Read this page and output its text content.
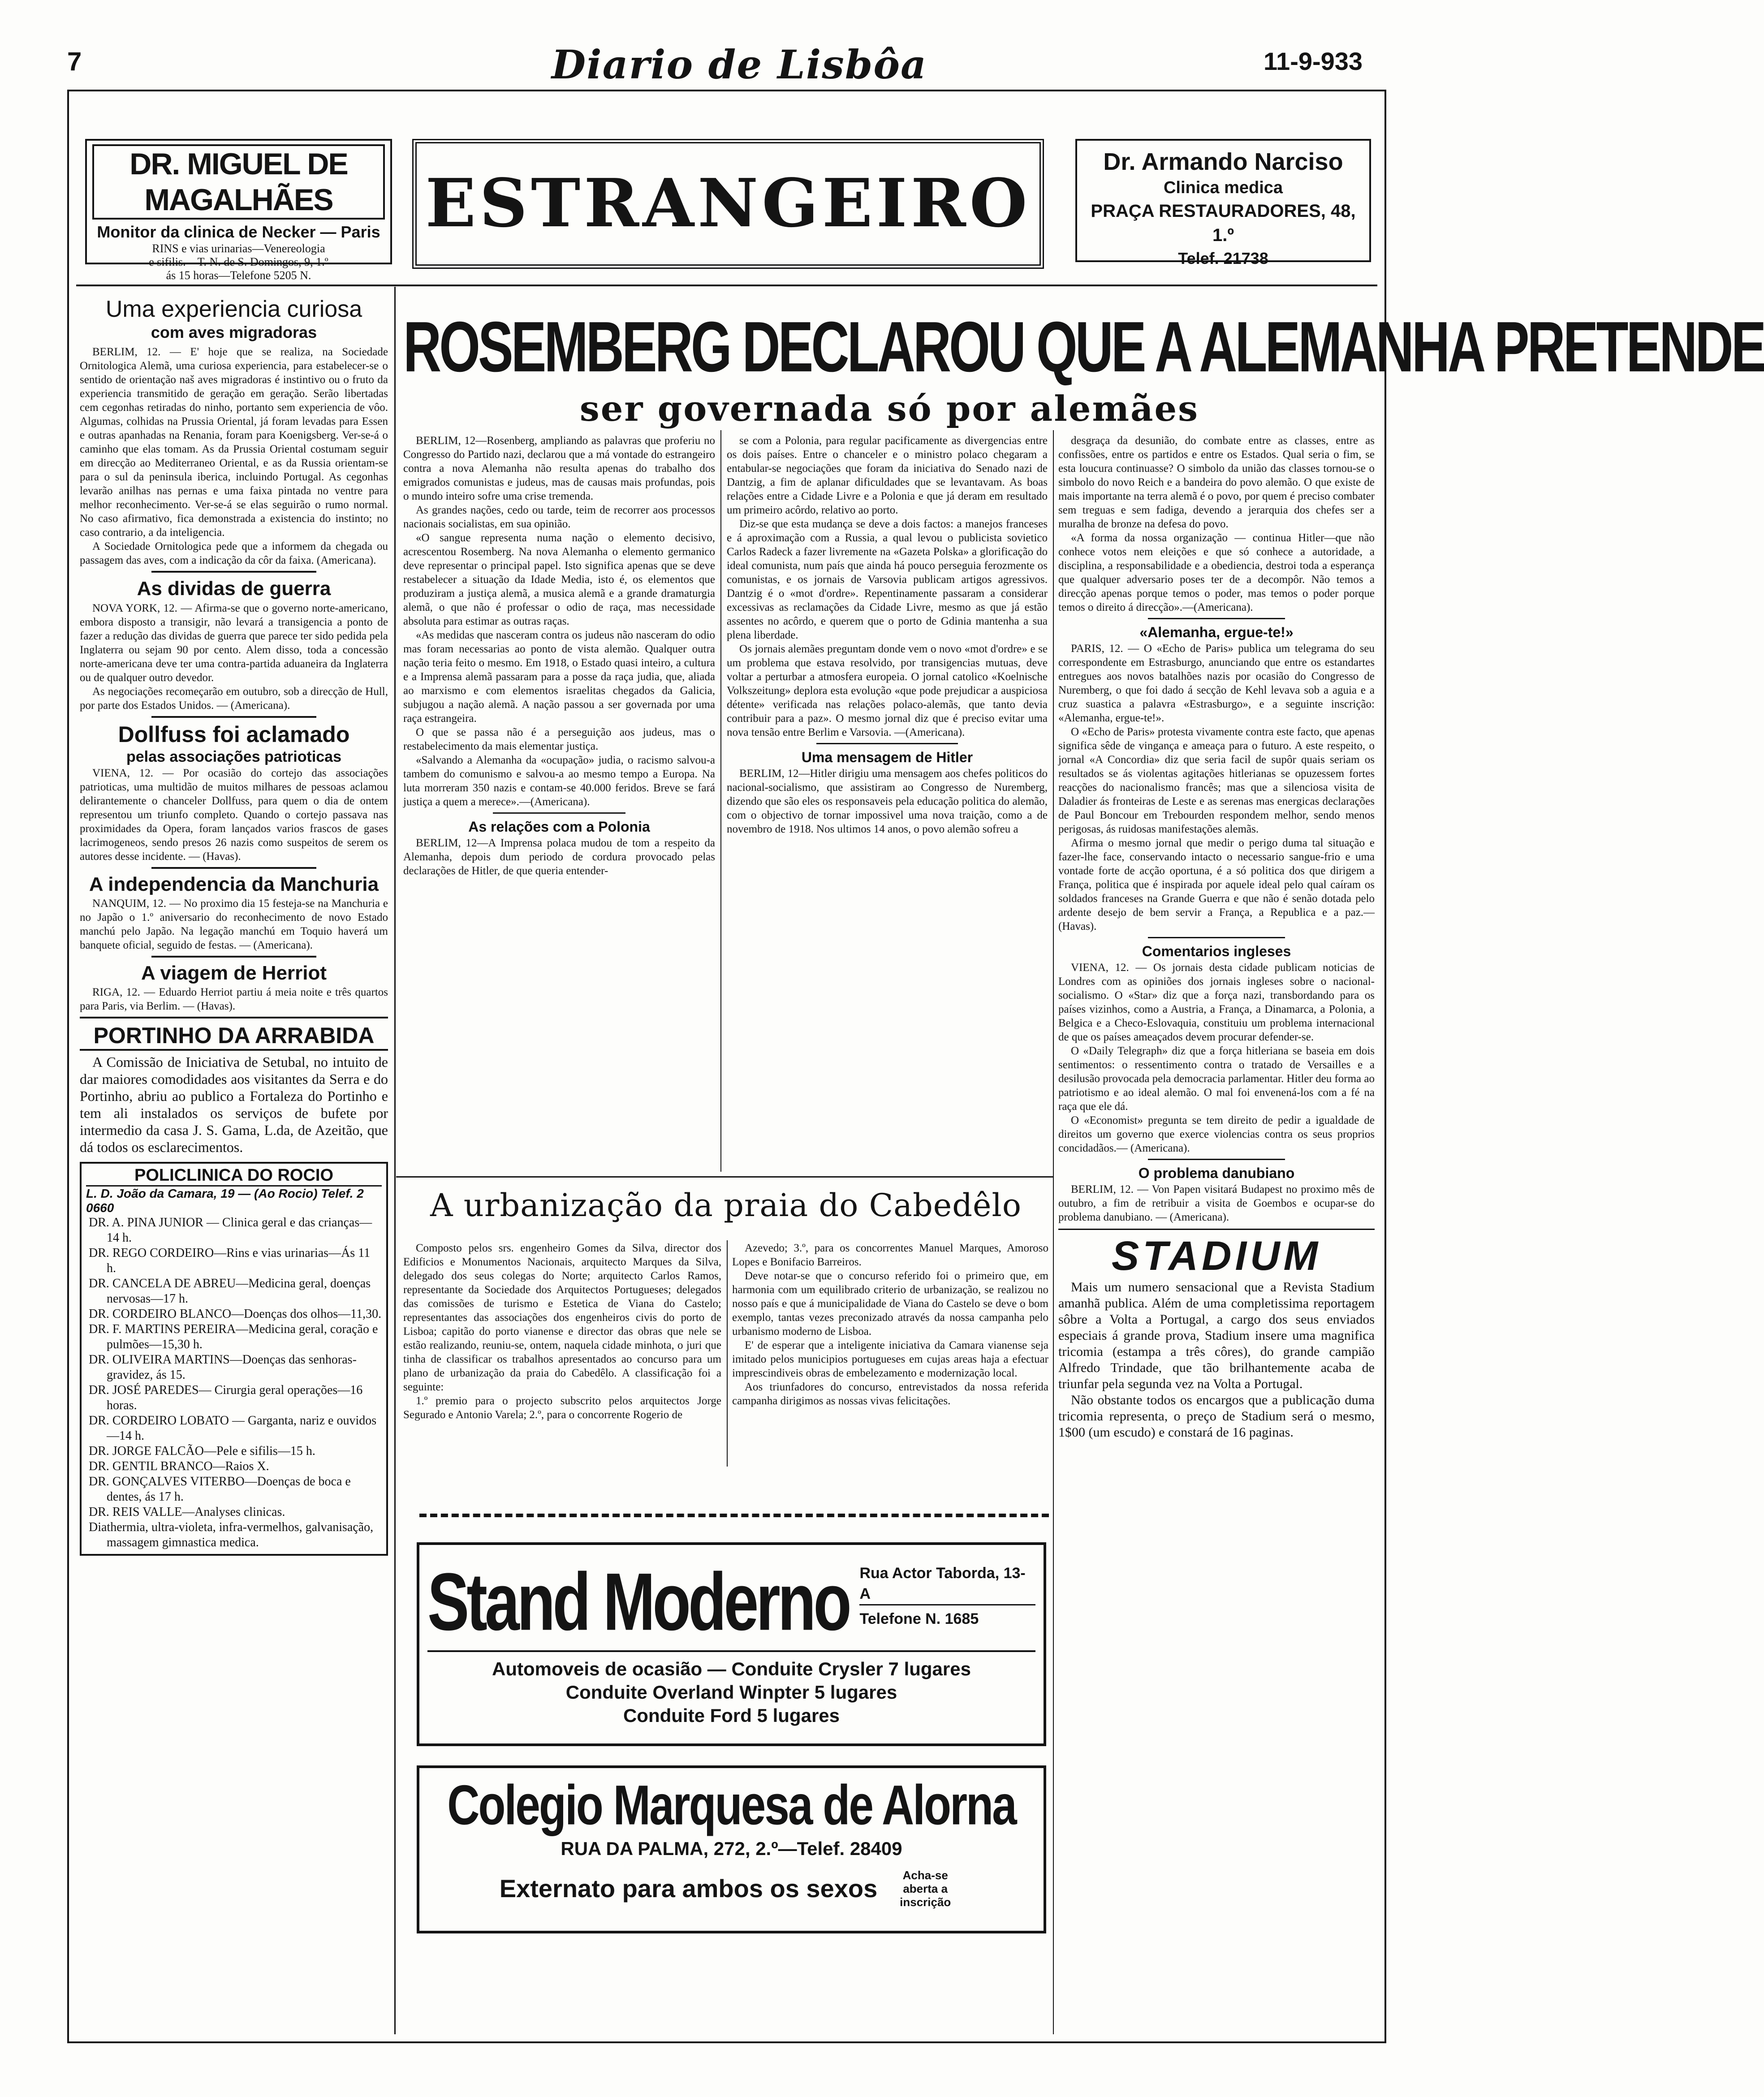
7	Diario de Lisbôa	11-9-933
DR. MIGUEL DE MAGALHÃES
Monitor da clinica de Necker — Paris
RINS e vias urinarias—Venereologia
e sifilis.—T. N. de S. Domingos, 9, 1.º
ás 15 horas—Telefone 5205 N.
ESTRANGEIRO
Dr. Armando Narciso
Clinica medica
PRAÇA RESTAURADORES, 48, 1.º
Telef. 21738
Uma experiencia curiosa
com aves migradoras

BERLIM, 12. — E' hoje que se realiza, na Sociedade Ornitologica Alemã, uma curiosa experiencia, para estabelecer-se o sentido de orientação naš aves migradoras é instintivo ou o fruto da experiencia transmitido de geração em geração. Serão libertadas cem cegonhas retiradas do ninho, portanto sem experiencia de vôo. Algumas, colhidas na Prussia Oriental, já foram levadas para Essen e outras apanhadas na Renania, foram para Koenigsberg. Ver-se-á o caminho que elas tomam. As da Prussia Oriental costumam seguir em direcção ao Mediterraneo Oriental, e as da Russia orientam-se para o sul da peninsula iberica, incluindo Portugal. As cegonhas levarão anilhas nas pernas e uma faixa pintada no ventre para melhor reconhecimento. Ver-se-á se elas seguirão o rumo normal. No caso afirmativo, fica demonstrada a existencia do instinto; no caso contrario, a da inteligencia.

A Sociedade Ornitologica pede que a informem da chegada ou passagem das aves, com a indicação da côr da faixa. (Americana).

As dividas de guerra

NOVA YORK, 12. — Afirma-se que o governo norte-americano, embora disposto a transigir, não levará a transigencia a ponto de fazer a redução das dividas de guerra que parece ter sido pedida pela Inglaterra ou sejam 90 por cento. Alem disso, toda a concessão norte-americana deve ter uma contra-partida aduaneira da Inglaterra ou de qualquer outro devedor.

As negociações recomeçarão em outubro, sob a direcção de Hull, por parte dos Estados Unidos. — (Americana).

Dollfuss foi aclamado
pelas associações patrioticas

VIENA, 12. — Por ocasião do cortejo das associações patrioticas, uma multidão de muitos milhares de pessoas aclamou delirantemente o chanceler Dollfuss, para quem o dia de ontem representou um triunfo completo. Quando o cortejo passava nas proximidades da Opera, foram lançados varios frascos de gases lacrimogeneos, sendo presos 26 nazis como suspeitos de serem os autores desse incidente. — (Havas).

A independencia da Manchuria

NANQUIM, 12. — No proximo dia 15 festeja-se na Manchuria e no Japão o 1.º aniversario do reconhecimento de novo Estado manchú pelo Japão. Na legação manchú em Toquio haverá um banquete oficial, seguido de festas. — (Americana).

A viagem de Herriot

RIGA, 12. — Eduardo Herriot partiu á meia noite e três quartos para Paris, via Berlim. — (Havas).

PORTINHO DA ARRABIDA

A Comissão de Iniciativa de Setubal, no intuito de dar maiores comodidades aos visitantes da Serra e do Portinho, abriu ao publico a Fortaleza do Portinho e tem ali instalados os serviços de bufete por intermedio da casa J. S. Gama, L.da, de Azeitão, que dá todos os esclarecimentos.

POLICLINICA DO ROCIO
L. D. João da Camara, 19 — (Ao Rocio) Telef. 2 0660
DR. A. PINA JUNIOR — Clinica geral e das crianças—14 h.
DR. REGO CORDEIRO—Rins e vias urinarias—Ás 11 h.
DR. CANCELA DE ABREU—Medicina geral, doenças nervosas—17 h.
DR. CORDEIRO BLANCO—Doenças dos olhos—11,30.
DR. F. MARTINS PEREIRA—Medicina geral, coração e pulmões—15,30 h.
DR. OLIVEIRA MARTINS—Doenças das senhoras-gravidez, ás 15.
DR. JOSÉ PAREDES— Cirurgia geral operações—16 horas.
DR. CORDEIRO LOBATO — Garganta, nariz e ouvidos—14 h.
DR. JORGE FALCÃO—Pele e sifilis—15 h.
DR. GENTIL BRANCO—Raios X.
DR. GONÇALVES VITERBO—Doenças de boca e dentes, ás 17 h.
DR. REIS VALLE—Analyses clinicas.
Diathermia, ultra-violeta, infra-vermelhos, galvanisação, massagem gimnastica medica.
ROSEMBERG DECLAROU QUE A ALEMANHA PRETENDE
ser governada só por alemães

BERLIM, 12—Rosenberg, ampliando as palavras que proferiu no Congresso do Partido nazi, declarou que a má vontade do estrangeiro contra a nova Alemanha não resulta apenas do trabalho dos emigrados comunistas e judeus, mas de causas mais profundas, pois o mundo inteiro sofre uma crise tremenda.

As grandes nações, cedo ou tarde, teim de recorrer aos processos nacionais socialistas, em sua opinião.

«O sangue representa numa nação o elemento decisivo, acrescentou Rosemberg. Na nova Alemanha o elemento germanico deve representar o principal papel. Isto significa apenas que se deve restabelecer a situação da Idade Media, isto é, os elementos que produziram a justiça alemã, a musica alemã e a grande dramaturgia alemã, o que não é professar o odio de raça, mas necessidade absoluta para estimar as outras raças.

«As medidas que nasceram contra os judeus não nasceram do odio mas foram necessarias ao ponto de vista alemão. Qualquer outra nação teria feito o mesmo. Em 1918, o Estado quasi inteiro, a cultura e a Imprensa alemã passaram para a posse da raça judia, que, aliada ao marxismo e com elementos israelitas chegados da Galicia, subjugou a nação alemã. A nação passou a ser governada por uma raça estrangeira.

O que se passa não é a perseguição aos judeus, mas o restabelecimento da mais elementar justiça.

«Salvando a Alemanha da «ocupação» judia, o racismo salvou-a tambem do comunismo e salvou-a ao mesmo tempo a Europa. Na luta morreram 350 nazis e contam-se 40.000 feridos. Breve se fará justiça a quem a merece».—(Americana).

As relações com a Polonia

BERLIM, 12—A Imprensa polaca mudou de tom a respeito da Alemanha, depois dum periodo de cordura provocado pelas declarações de Hitler, de que queria entender-

se com a Polonia, para regular pacificamente as divergencias entre os dois países. Entre o chanceler e o ministro polaco chegaram a entabular-se negociações que foram da iniciativa do Senado nazi de Dantzig, a fim de aplanar dificuldades que se levantavam. As boas relações entre a Cidade Livre e a Polonia e que já deram em resultado um primeiro acôrdo, relativo ao porto.

Diz-se que esta mudança se deve a dois factos: a manejos franceses e á aproximação com a Russia, a qual levou o publicista sovietico Carlos Radeck a fazer livremente na «Gazeta Polska» a glorificação do ideal comunista, num país que ainda há pouco perseguia ferozmente os comunistas, e os jornais de Varsovia publicam artigos agressivos. Dantzig é o «mot d'ordre». Repentinamente passaram a considerar excessivas as reclamações da Cidade Livre, mesmo as que já estão assentes no acôrdo, e querem que o porto de Gdinia mantenha a sua plena liberdade.

Os jornais alemães preguntam donde vem o novo «mot d'ordre» e se um problema que estava resolvido, por transigencias mutuas, deve voltar a perturbar a atmosfera europeia. O jornal catolico «Koelnische Volkszeitung» deplora esta evolução «que pode prejudicar a auspiciosa détente» verificada nas relações polaco-alemãs, que tanto devia contribuir para a paz». O mesmo jornal diz que é preciso evitar uma nova tensão entre Berlim e Varsovia. —(Americana).

Uma mensagem de Hitler

BERLIM, 12—Hitler dirigiu uma mensagem aos chefes politicos do nacional-socialismo, que assistiram ao Congresso de Nuremberg, dizendo que são eles os responsaveis pela educação politica do alemão, com o objectivo de tornar impossivel uma nova traição, como a de novembro de 1918. Nos ultimos 14 anos, o povo alemão sofreu a

desgraça da desunião, do combate entre as classes, entre as confissões, entre os partidos e entre os Estados. Qual seria o fim, se esta loucura continuasse? O simbolo da união das classes tornou-se o simbolo do novo Reich e a bandeira do povo alemão. O que existe de mais importante na terra alemã é o povo, por quem é preciso combater sem treguas e sem fadiga, devendo a jerarquia dos chefes ser a muralha de bronze na defesa do povo.

«A forma da nossa organização — continua Hitler—que não conhece votos nem eleições e que só conhece a autoridade, a disciplina, a responsabilidade e a obediencia, destroi toda a esperança que qualquer adversario poses ter de a decompôr. Não temos a direcção apenas porque temos o poder, mas temos o poder porque temos o direito á direcção».—(Americana).

«Alemanha, ergue-te!»

PARIS, 12. — O «Echo de Paris» publica um telegrama do seu correspondente em Estrasburgo, anunciando que entre os estandartes entregues aos novos batalhões nazis por ocasião do Congresso de Nuremberg, o que foi dado á secção de Kehl levava sob a aguia e a cruz suastica a palavra «Estrasburgo», e a seguinte inscrição: «Alemanha, ergue-te!».

O «Echo de Paris» protesta vivamente contra este facto, que apenas significa sêde de vingança e ameaça para o futuro. A este respeito, o jornal «A Concordia» diz que seria facil de supôr quais seriam os resultados se ás violentas agitações hitlerianas se opuzessem fortes reacções do nacionalismo francês; mas que a silenciosa visita de Daladier ás fronteiras de Leste e as serenas mas energicas declarações de Paul Boncour em Trebourden respondem melhor, sendo menos perigosas, ás ruidosas manifestações alemãs.

Afirma o mesmo jornal que medir o perigo duma tal situação e fazer-lhe face, conservando intacto o necessario sangue-frio e uma vontade forte de acção oportuna, é a só politica dos que dirigem a França, politica que é inspirada por aquele ideal pelo qual caíram os soldados franceses na Grande Guerra e que não é senão dotada pelo ardente desejo de bem servir a França, a Republica e a paz.— (Havas).

Comentarios ingleses

VIENA, 12. — Os jornais desta cidade publicam noticias de Londres com as opiniões dos jornais ingleses sobre o nacional-socialismo. O «Star» diz que a força nazi, transbordando para os países vizinhos, como a Austria, a França, a Dinamarca, a Polonia, a Belgica e a Checo-Eslovaquia, constituiu um problema internacional de que os países ameaçados devem procurar defender-se.

O «Daily Telegraph» diz que a força hitleriana se baseia em dois sentimentos: o ressentimento contra o tratado de Versailles e a desilusão provocada pela democracia parlamentar. Hitler deu forma ao patriotismo e ao ideal alemão. O mal foi envenená-los com a fé na raça que ele dá.

O «Economist» pregunta se tem direito de pedir a igualdade de direitos um governo que exerce violencias contra os seus proprios concidadãos.— (Americana).

O problema danubiano

BERLIM, 12. — Von Papen visitará Budapest no proximo mês de outubro, a fim de retribuir a visita de Goembos e ocupar-se do problema danubiano. — (Americana).

STADIUM

Mais um numero sensacional que a Revista Stadium amanhã publica. Além de uma completissima reportagem sôbre a Volta a Portugal, a cargo dos seus enviados especiais á grande prova, Stadium insere uma magnifica tricomia (estampa a três côres), do grande campião Alfredo Trindade, que tão brilhantemente acaba de triunfar pela segunda vez na Volta a Portugal.

Não obstante todos os encargos que a publicação duma tricomia representa, o preço de Stadium será o mesmo, 1$00 (um escudo) e constará de 16 paginas.

A urbanização da praia do Cabedêlo

Composto pelos srs. engenheiro Gomes da Silva, director dos Edificios e Monumentos Nacionais, arquitecto Marques da Silva, delegado dos seus colegas do Norte; arquitecto Carlos Ramos, representante da Sociedade dos Arquitectos Portugueses; delegados das comissões de turismo e Estetica de Viana do Castelo; representantes das associações dos engenheiros civis do porto de Lisboa; capitão do porto vianense e director das obras que nele se estão realizando, reuniu-se, ontem, naquela cidade minhota, o juri que tinha de classificar os trabalhos apresentados ao concurso para um plano de urbanização da praia do Cabedêlo. A classificação foi a seguinte:

1.º premio para o projecto subscrito pelos arquitectos Jorge Segurado e Antonio Varela; 2.º, para o concorrente Rogerio de

Azevedo; 3.º, para os concorrentes Manuel Marques, Amoroso Lopes e Bonifacio Barreiros.

Deve notar-se que o concurso referido foi o primeiro que, em harmonia com um equilibrado criterio de urbanização, se realizou no nosso país e que á municipalidade de Viana do Castelo se deve o bom exemplo, tantas vezes preconizado através da nossa campanha pelo urbanismo moderno de Lisboa.

E' de esperar que a inteligente iniciativa da Camara vianense seja imitado pelos municipios portugueses em cujas areas haja a efectuar imprescindiveis obras de embelezamento e modernização local.

Aos triunfadores do concurso, entrevistados da nossa referida campanha dirigimos as nossas vivas felicitações.

Stand Moderno Rua Actor Taborda, 13-A
Telefone N. 1685
Automoveis de ocasião — Conduite Crysler 7 lugares
Conduite Overland Winpter 5 lugares
Conduite Ford 5 lugares
Colegio Marquesa de Alorna
RUA DA PALMA, 272, 2.º—Telef. 28409
Externato para ambos os sexos	Acha-se aberta a inscrição
